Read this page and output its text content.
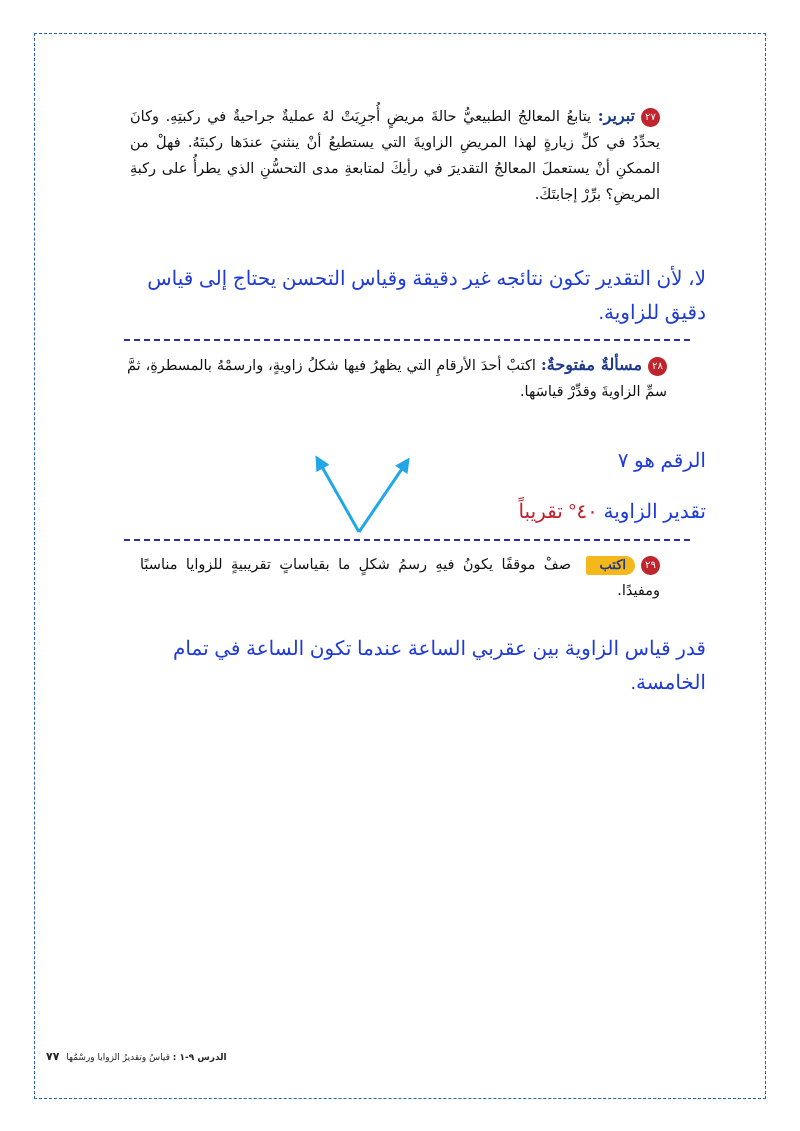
٢٧تبرير: يتابعُ المعالجُ الطبيعيُّ حالةَ مريضٍ أُجرِيَتْ لهُ عمليةٌ جراحيةٌ في ركبتِهِ. وكانَ يحدِّدُ في كلِّ زيارةٍ لهذا المريضِ الزاويةَ التي يستطيعُ أنْ ينثنيَ عندَها ركبتَهُ. فهلْ من الممكنِ أنْ يستعملَ المعالجُ التقديرَ في رأيكَ لمتابعةِ مدى التحسُّنِ الذي يطرأُ على ركبةِ المريضِ؟ برِّرْ إجابتَكَ.
لا، لأن التقدير تكون نتائجه غير دقيقة وقياس التحسن يحتاج إلى قياس دقيق للزاوية.
٢٨مسألةٌ مفتوحةٌ: اكتبْ أحدَ الأرقامِ التي يظهرُ فيها شكلُ زاويةٍ، وارسمْهُ بالمسطرةِ، ثمَّ سمِّ الزاويةَ وقدِّرْ قياسَها.
الرقم هو ٧
تقدير الزاوية ٤٠° تقريباً
٢٩اكتب صفْ موقفًا يكونُ فيهِ رسمُ شكلٍ ما بقياساتٍ تقريبيةٍ للزوايا مناسبًا ومفيدًا.
قدر قياس الزاوية بين عقربي الساعة عندما تكون الساعة في تمام الخامسة.
الدرس ٩-١ : قياسُ وتقديرُ الزوايا ورسْمُها ٧٧
